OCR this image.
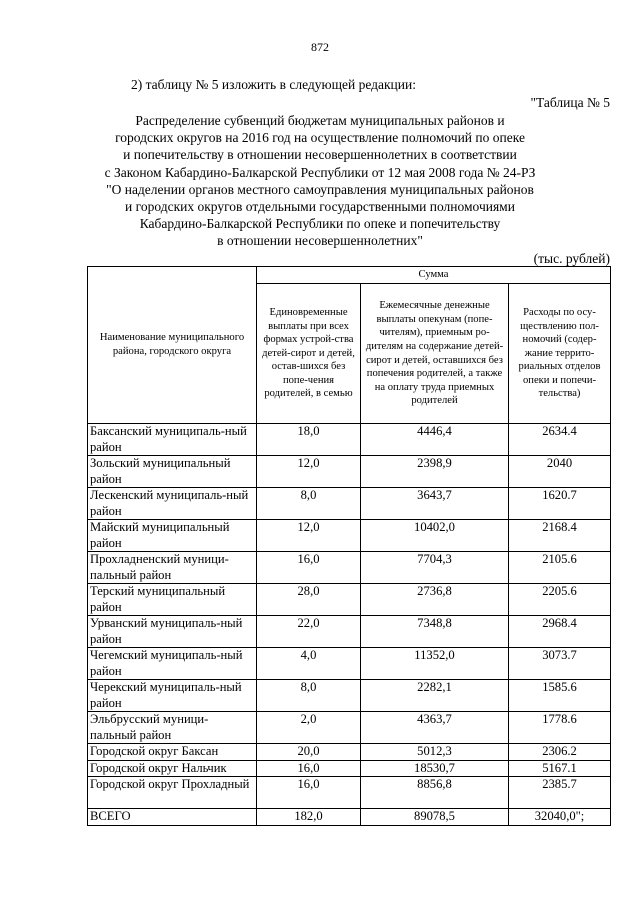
872
2) таблицу № 5 изложить в следующей редакции:
"Таблица № 5
Распределение субвенций бюджетам муниципальных районов и
городских округов на 2016 год на осуществление полномочий по опеке
и попечительству в отношении несовершеннолетних в соответствии
с Законом Кабардино-Балкарской Республики от 12 мая 2008 года № 24-РЗ
"О наделении органов местного самоуправления муниципальных районов
и городских округов отдельными государственными полномочиями
Кабардино-Балкарской Республики по опеке и попечительству
в отношении несовершеннолетних"
(тыс. рублей)
Наименование муниципального района, городского округа	Сумма		
	Единовременные выплаты при всех формах устрой-ства детей-сирот и детей, остав-шихся без попе-чения родителей, в семью	Ежемесячные денежные выплаты опекунам (попе-чителям), приемным ро-дителям на содержание детей-сирот и детей, оставшихся без попечения родителей, а также на оплату труда приемных родителей	Расходы по осу-ществлению пол-номочий (содер-жание террито-риальных отделов опеки и попечи-тельства)
Баксанский муниципаль-ный район	18,0	4446,4	2634.4
Зольский муниципальный район	12,0	2398,9	2040
Лескенский муниципаль-ный район	8,0	3643,7	1620.7
Майский муниципальный район	12,0	10402,0	2168.4
Прохладненский муници-пальный район	16,0	7704,3	2105.6
Терский муниципальный район	28,0	2736,8	2205.6
Урванский муниципаль-ный район	22,0	7348,8	2968.4
Чегемский муниципаль-ный район	4,0	11352,0	3073.7
Черекский муниципаль-ный район	8,0	2282,1	1585.6
Эльбрусский муници-пальный район	2,0	4363,7	1778.6
Городской округ Баксан	20,0	5012,3	2306.2
Городской округ Нальчик	16,0	18530,7	5167.1
Городской округ Прохладный	16,0	8856,8	2385.7
ВСЕГО	182,0	89078,5	32040,0";
